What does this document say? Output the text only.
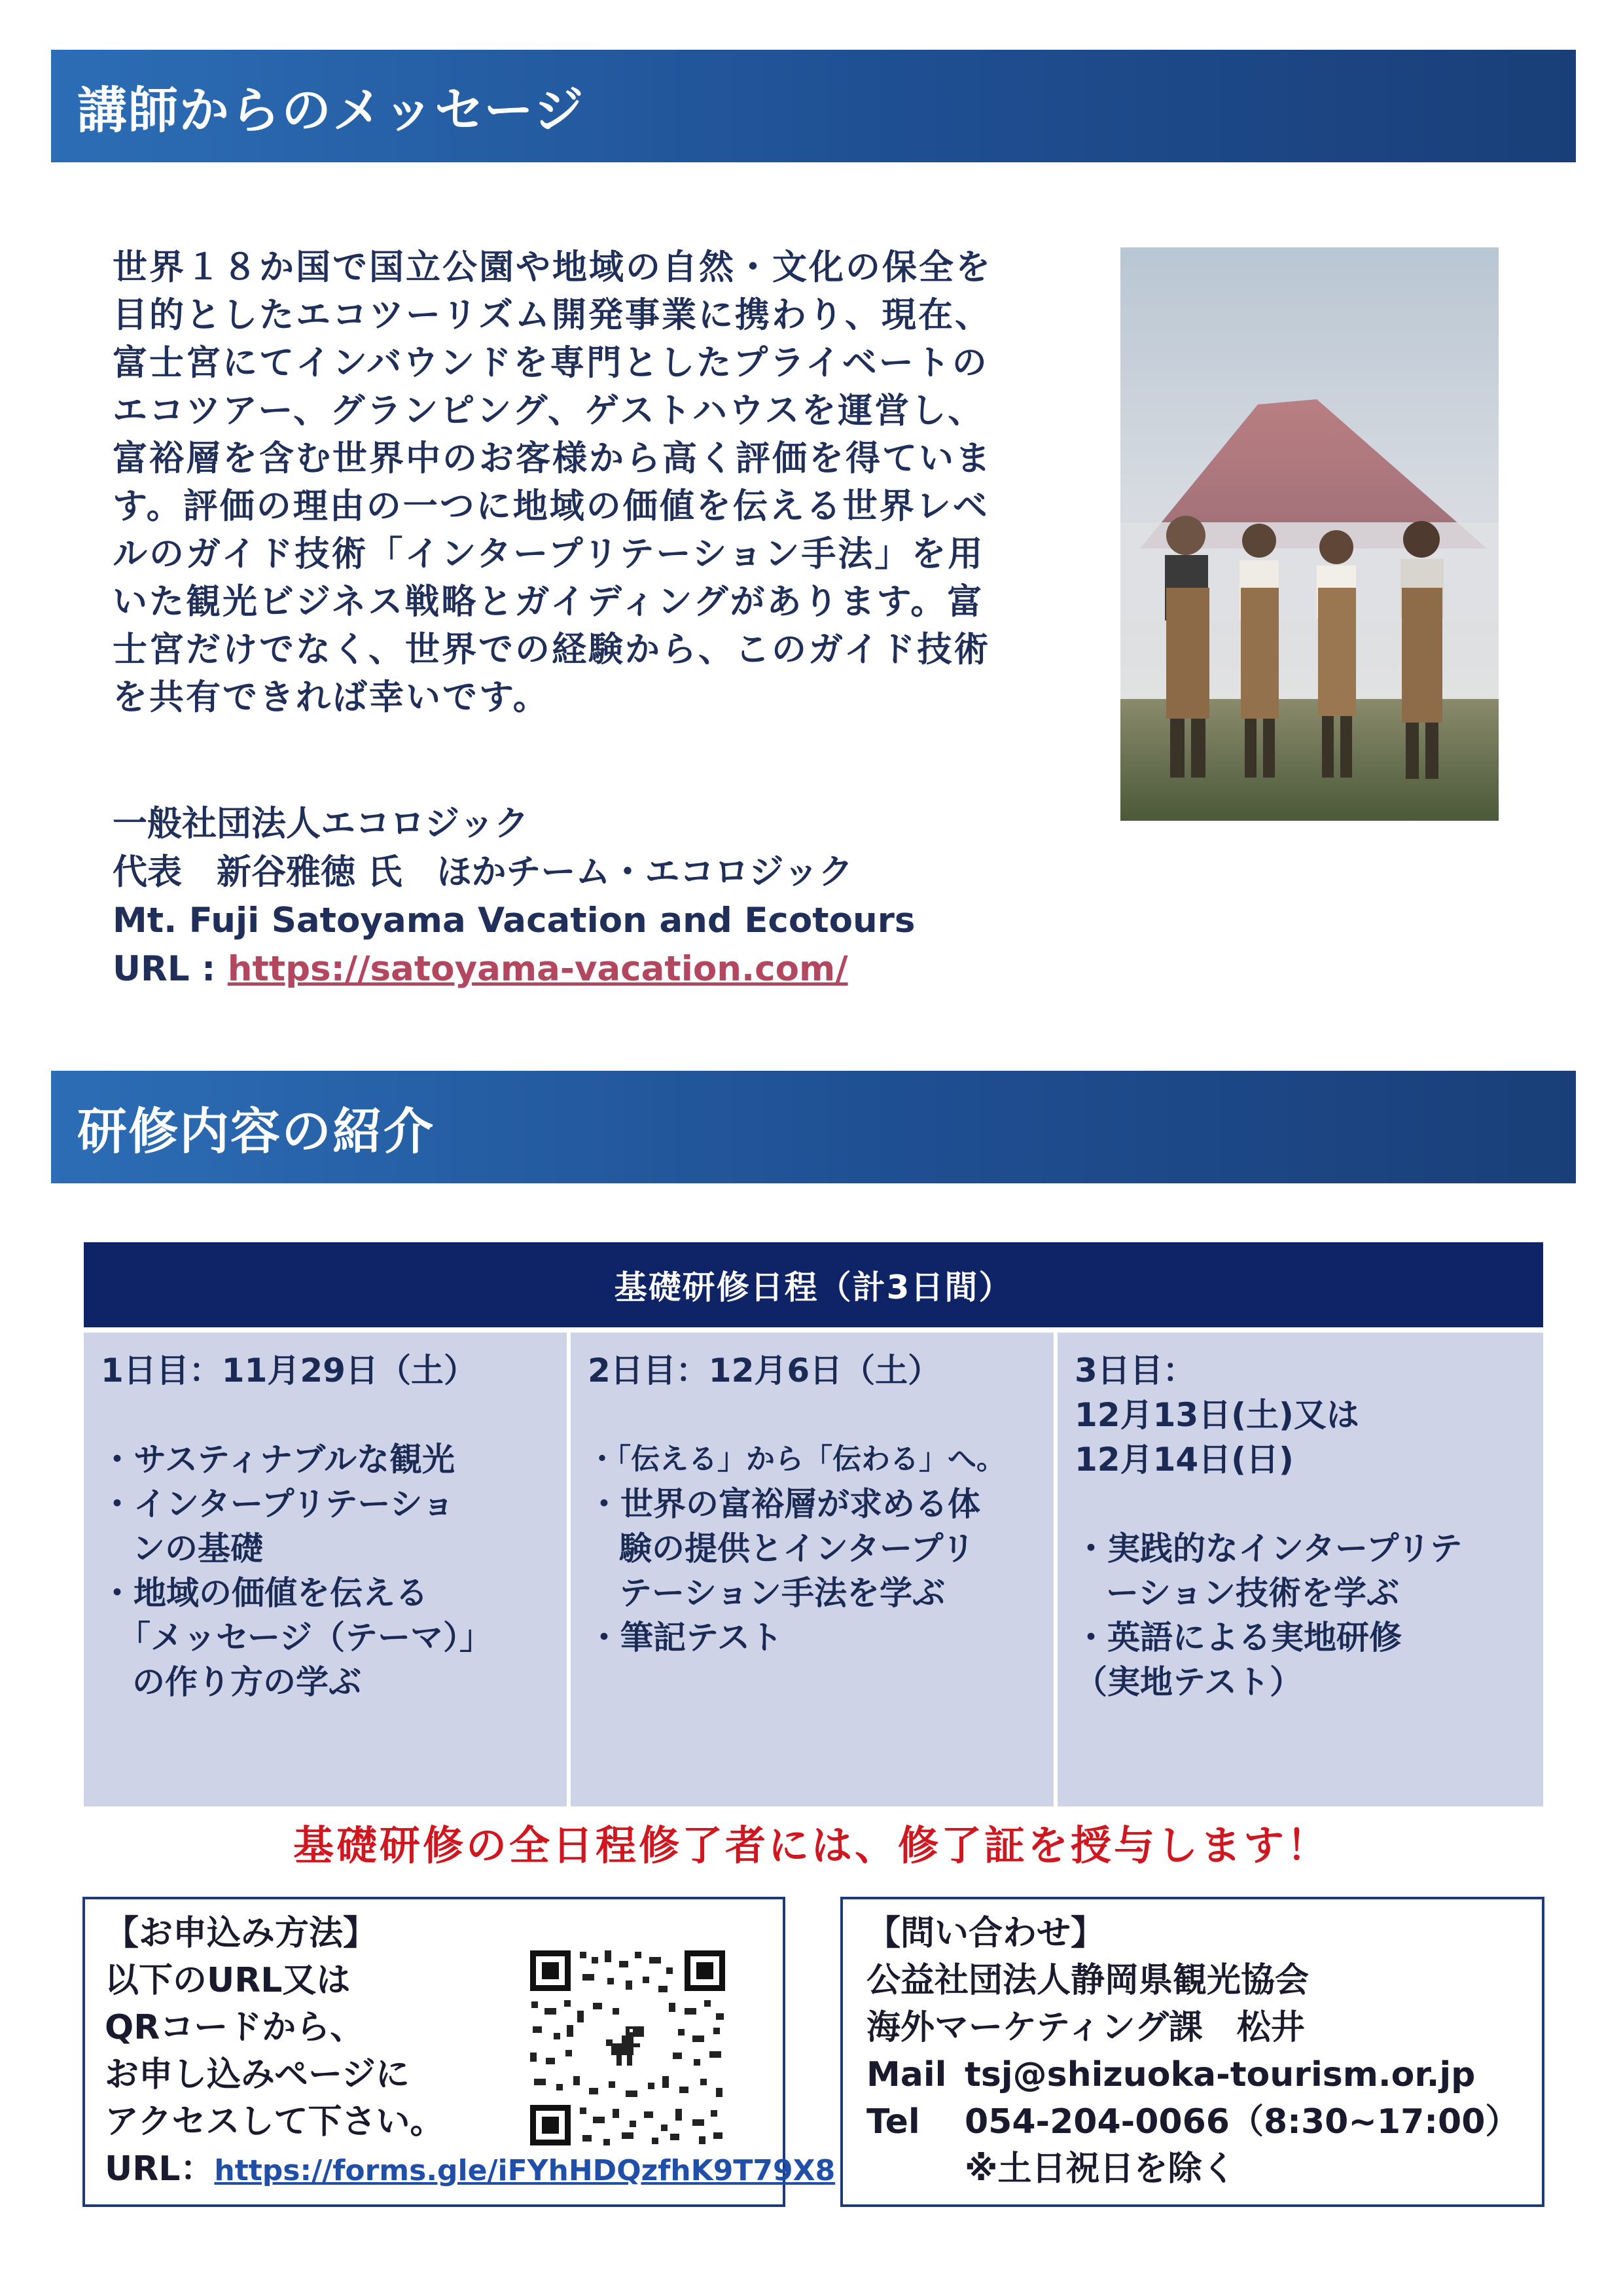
講師からのメッセージ
世界１８か国で国立公園や地域の自然・文化の保全を
目的としたエコツーリズム開発事業に携わり、現在、
富士宮にてインバウンドを専門としたプライベートの
エコツアー、グランピング、ゲストハウスを運営し、
富裕層を含む世界中のお客様から高く評価を得ていま
す。評価の理由の一つに地域の価値を伝える世界レベ
ルのガイド技術「インタープリテーション手法」を用
いた観光ビジネス戦略とガイディングがあります。富
士宮だけでなく、世界での経験から、このガイド技術
を共有できれば幸いです。
一般社団法人エコロジック
代表　新谷雅徳 氏　ほかチーム・エコロジック
Mt. Fuji Satoyama Vacation and Ecotours
URL : https://satoyama-vacation.com/
研修内容の紹介
基礎研修日程（計3日間）
1日目：11月29日（土）
・サスティナブルな観光
・インタープリテーショ
ンの基礎
・地域の価値を伝える
「メッセージ（テーマ）」
の作り方の学ぶ
2日目：12月6日（土）
・「伝える」から「伝わる」へ。
・世界の富裕層が求める体
験の提供とインタープリ
テーション手法を学ぶ
・筆記テスト
3日目：
12月13日(土)又は
12月14日(日)
・実践的なインタープリテ
ーション技術を学ぶ
・英語による実地研修
（実地テスト）
基礎研修の全日程修了者には、修了証を授与します！
【お申込み方法】
以下のURL又は
QRコードから、
お申し込みページに
アクセスして下さい。
URL：https://forms.gle/iFYhHDQzfhK9T79X8
【問い合わせ】
公益社団法人静岡県観光協会
海外マーケティング課　松井
Mail tsj@shizuoka-tourism.or.jp
Tel 054-204-0066（8:30~17:00）
※土日祝日を除く
